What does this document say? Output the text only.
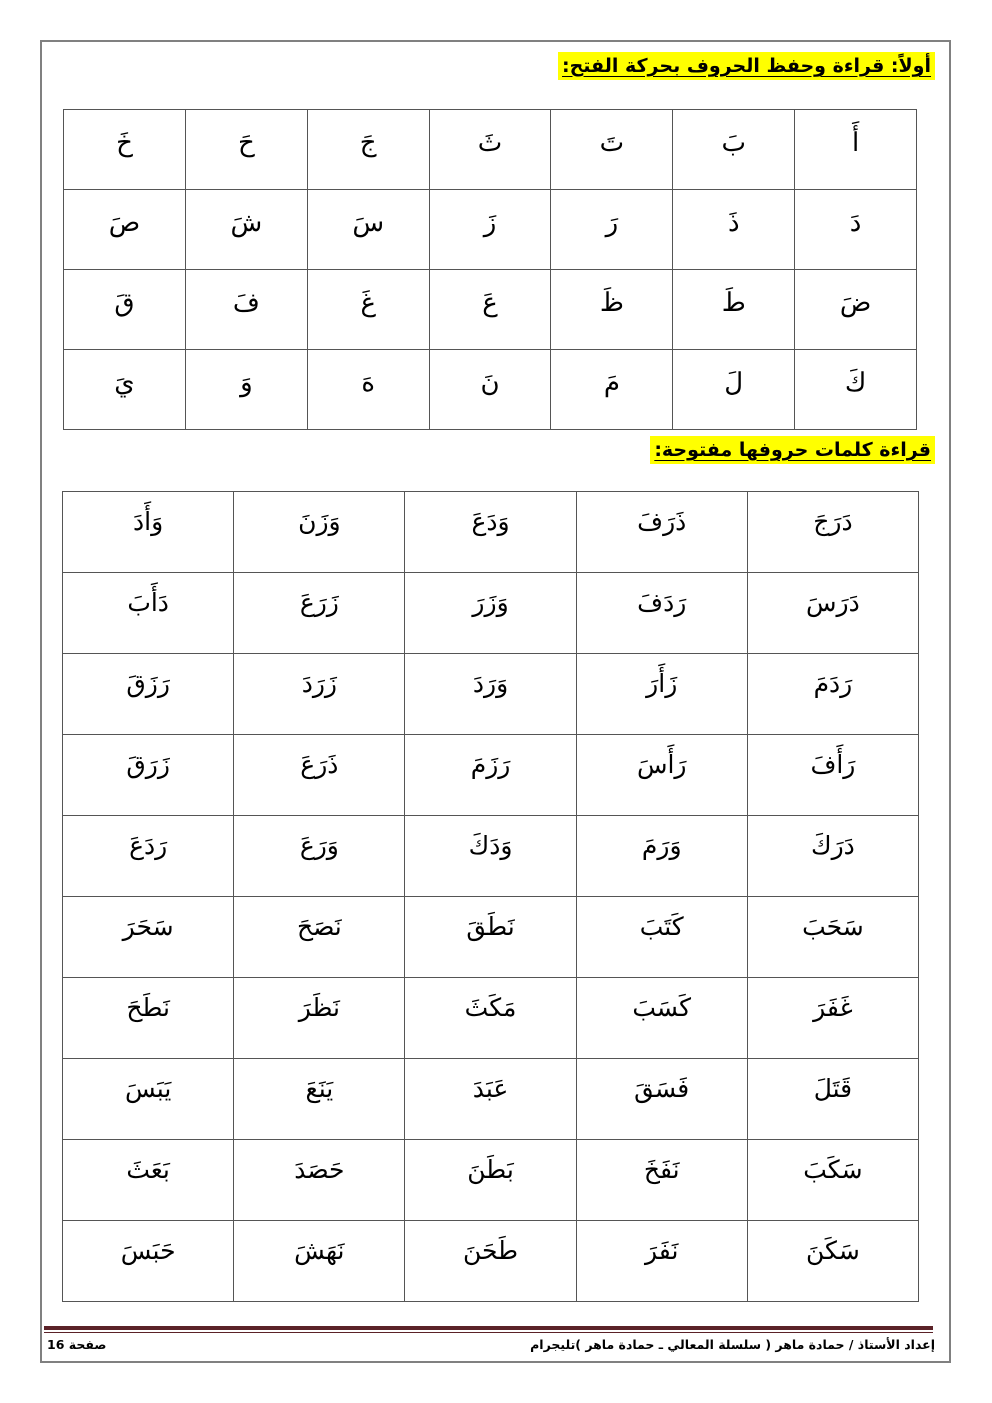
أولاً: قراءة وحفظ الحروف بحركة الفتح:
أَ	بَ	تَ	ثَ	جَ	حَ	خَ
دَ	ذَ	رَ	زَ	سَ	شَ	صَ
ضَ	طَ	ظَ	عَ	غَ	فَ	قَ
كَ	لَ	مَ	نَ	هَ	وَ	يَ
قراءة كلمات حروفها مفتوحة:
دَرَجَ	ذَرَفَ	وَدَعَ	وَزَنَ	وَأَدَ
دَرَسَ	رَدَفَ	وَزَرَ	زَرَعَ	دَأَبَ
رَدَمَ	زَأَرَ	وَرَدَ	زَرَدَ	رَزَقَ
رَأَفَ	رَأَسَ	رَزَمَ	ذَرَعَ	زَرَقَ
دَرَكَ	وَرَمَ	وَدَكَ	وَرَعَ	رَدَعَ
سَحَبَ	كَتَبَ	نَطَقَ	نَصَحَ	سَحَرَ
غَفَرَ	كَسَبَ	مَكَثَ	نَظَرَ	نَطَحَ
قَتَلَ	فَسَقَ	عَبَدَ	يَنَعَ	يَبَسَ
سَكَبَ	نَفَخَ	بَطَنَ	حَصَدَ	بَعَثَ
سَكَنَ	نَفَرَ	طَحَنَ	نَهَشَ	حَبَسَ
إعداد الأستاذ / حمادة ماهر ( سلسلة المعالي ـ حمادة ماهر )تليجرام
صفحة 16
